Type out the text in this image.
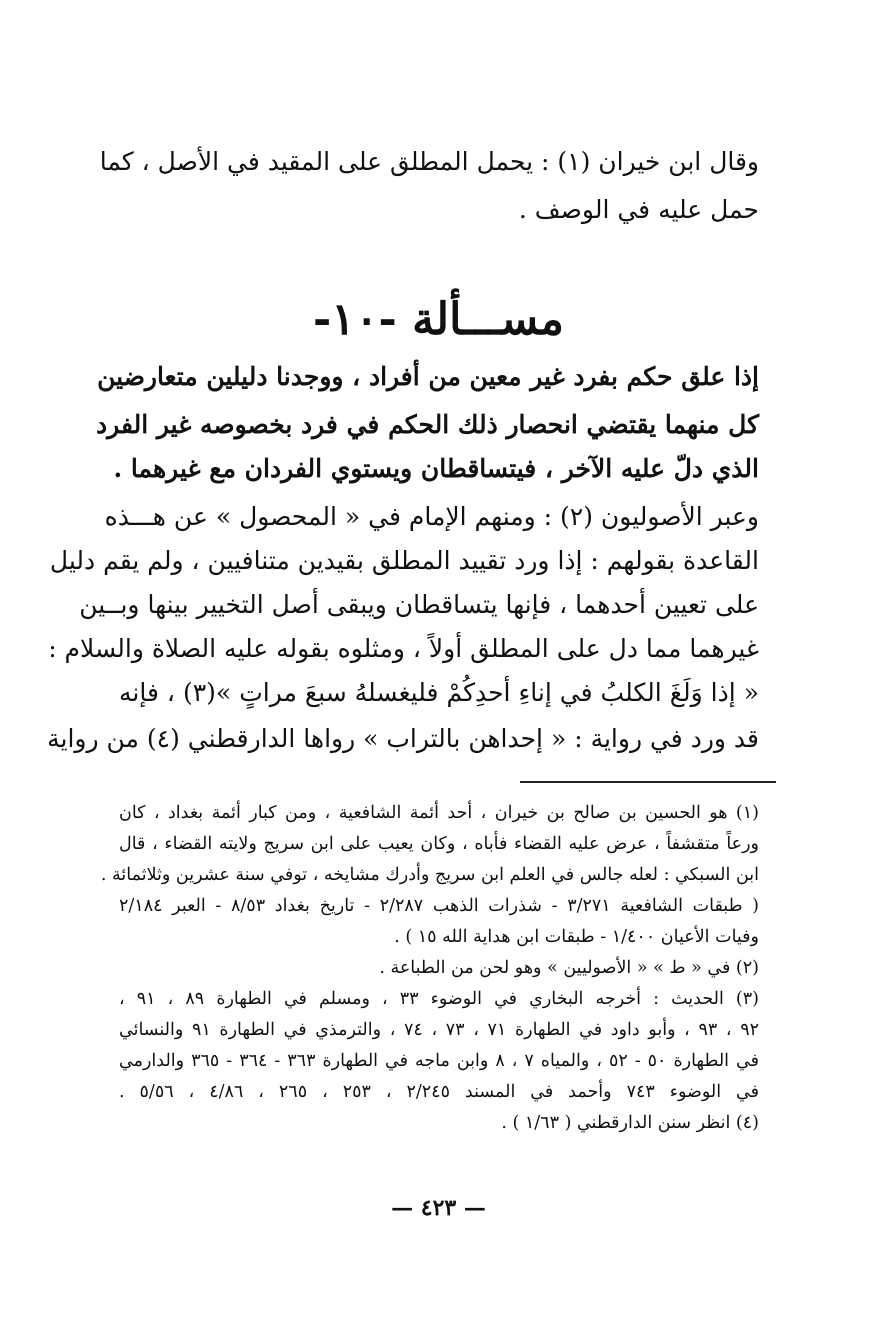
وقال ابن خيران (١) : يحمل المطلق على المقيد في الأصل ، كما
حمل عليه في الوصف .
مســـألة -١٠-
إذا علق حكم بفرد غير معين من أفراد ، ووجدنا دليلين متعارضين
كل منهما يقتضي انحصار ذلك الحكم في فرد بخصوصه غير الفرد
الذي دلّ عليه الآخر ، فيتساقطان ويستوي الفردان مع غيرهما .
وعبر الأصوليون (٢) : ومنهم الإمام في « المحصول » عن هـــذه
القاعدة بقولهم : إذا ورد تقييد المطلق بقيدين متنافيين ، ولم يقم دليل
على تعيين أحدهما ، فإنها يتساقطان ويبقى أصل التخيير بينها وبــين
غيرهما مما دل على المطلق أولاً ، ومثلوه بقوله عليه الصلاة والسلام :
« إذا وَلَغَ الكلبُ في إناءِ أحدِكُمْ فليغسلهُ سبعَ مراتٍ »(٣) ، فإنه
قد ورد في رواية : « إحداهن بالتراب » رواها الدارقطني (٤) من رواية
(١) هو الحسين بن صالح بن خيران ، أحد أئمة الشافعية ، ومن كبار أئمة بغداد ، كان
ورعاً متقشفاً ، عرض عليه القضاء فأباه ، وكان يعيب على ابن سريج ولايته القضاء ، قال
ابن السبكي : لعله جالس في العلم ابن سريج وأدرك مشايخه ، توفي سنة عشرين وثلاثمائة .
( طبقات الشافعية ٣/٢٧١ - شذرات الذهب ٢/٢٨٧ - تاريخ بغداد ٨/٥٣ - العبر ٢/١٨٤
وفيات الأعيان ١/٤٠٠ - طبقات ابن هداية الله ١٥ ) .
(٢) في « ط » « الأصوليين » وهو لحن من الطباعة .
(٣) الحديث : أخرجه البخاري في الوضوء ٣٣ ، ومسلم في الطهارة ٨٩ ، ٩١ ،
٩٢ ، ٩٣ ، وأبو داود في الطهارة ٧١ ، ٧٣ ، ٧٤ ، والترمذي في الطهارة ٩١ والنسائي
في الطهارة ٥٠ - ٥٢ ، والمياه ٧ ، ٨ وابن ماجه في الطهارة ٣٦٣ - ٣٦٤ - ٣٦٥ والدارمي
في الوضوء ٧٤٣ وأحمد في المسند ٢/٢٤٥ ، ٢٥٣ ، ٢٦٥ ، ٤/٨٦ ، ٥/٥٦ .
(٤) انظر سنن الدارقطني ( ١/٦٣ ) .
— ٤٢٣ —
